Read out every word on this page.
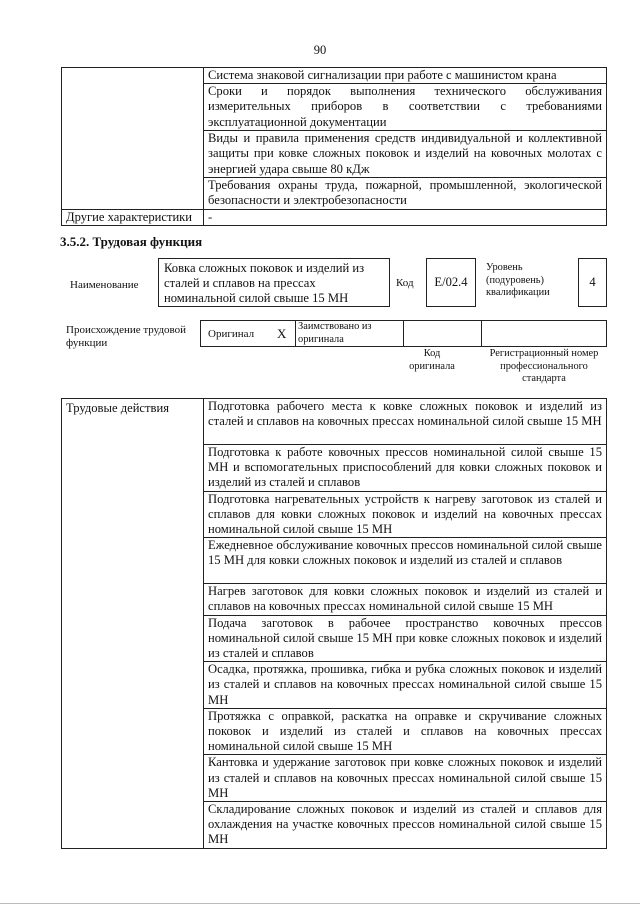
90
	Система знаковой сигнализации при работе с машинистом крана
	Сроки и порядок выполнения технического обслуживания измерительных приборов в соответствии с требованиями эксплуатационной документации
	Виды и правила применения средств индивидуальной и коллективной защиты при ковке сложных поковок и изделий на ковочных молотах с энергией удара свыше 80 кДж
	Требования охраны труда, пожарной, промышленной, экологической безопасности и электробезопасности
Другие характеристики	-
3.5.2. Трудовая функция
Наименование
Ковка сложных поковок и изделий из сталей и сплавов на прессах номинальной силой свыше 15 МН
Код	E/02.4
Уровень (подуровень) квалификации
4
Происхождение трудовой функции
Оригинал X Заимствовано из оригинала
Код оригинала
Регистрационный номер профессионального стандарта
Трудовые действия	Подготовка рабочего места к ковке сложных поковок и изделий из сталей и сплавов на ковочных прессах номинальной силой свыше 15 МН
Подготовка к работе ковочных прессов номинальной силой свыше 15 МН и вспомогательных приспособлений для ковки сложных поковок и изделий из сталей и сплавов
Подготовка нагревательных устройств к нагреву заготовок из сталей и сплавов для ковки сложных поковок и изделий на ковочных прессах номинальной силой свыше 15 МН
Ежедневное обслуживание ковочных прессов номинальной силой свыше 15 МН для ковки сложных поковок и изделий из сталей и сплавов
Нагрев заготовок для ковки сложных поковок и изделий из сталей и сплавов на ковочных прессах номинальной силой свыше 15 МН
Подача заготовок в рабочее пространство ковочных прессов номинальной силой свыше 15 МН при ковке сложных поковок и изделий из сталей и сплавов
Осадка, протяжка, прошивка, гибка и рубка сложных поковок и изделий из сталей и сплавов на ковочных прессах номинальной силой свыше 15 МН
Протяжка с оправкой, раскатка на оправке и скручивание сложных поковок и изделий из сталей и сплавов на ковочных прессах номинальной силой свыше 15 МН
Кантовка и удержание заготовок при ковке сложных поковок и изделий из сталей и сплавов на ковочных прессах номинальной силой свыше 15 МН
Складирование сложных поковок и изделий из сталей и сплавов для охлаждения на участке ковочных прессов номинальной силой свыше 15 МН
